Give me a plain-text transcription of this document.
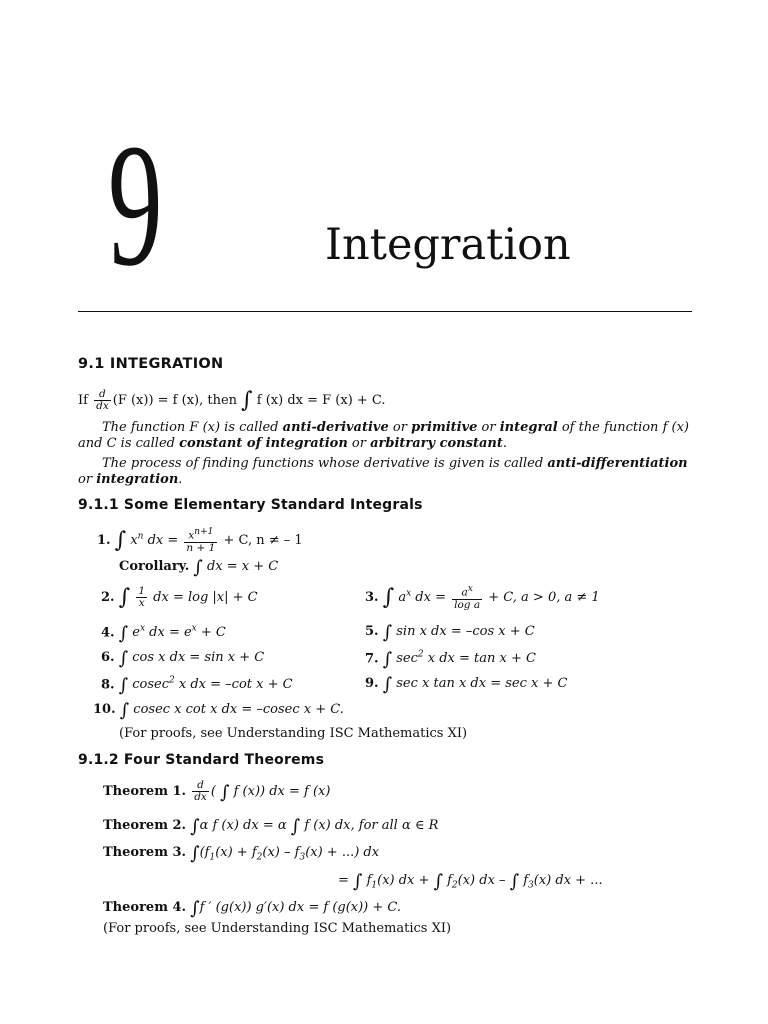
9	Integration
9.1 INTEGRATION
If $\frac{d}{dx} (F$ (x)) = f (x), then ∫ f (x) dx = F (x) + C.
The function F (x) is called anti-derivative or primitive or integral of the function f (x) and C is called constant of integration or arbitrary constant.
The process of finding functions whose derivative is given is called anti-differentiation or integration.
9.1.1 Some Elementary Standard Integrals
1. ∫ $x^n$ dx = $\frac{x^{n+1}}{n + 1} + C$, n ≠ – 1
Corollary. ∫ dx = x + C
2. ∫ $\frac{1}{x}$ dx = log |x| + C	3. ∫ $a^x$ dx = $\frac{a^x}{\text{log a}} + C$, a > 0, a ≠ 1
4. ∫ $e^x$ dx = $e^x + C$	5. ∫ sin x dx = –cos x + C
6. ∫ cos x dx = sin x + C	7. ∫ $\sec^2 x$ dx = tan x + C
8. ∫ cosec$^2$ x dx = –cot x + C	9. ∫ sec x tan x dx = sec x + C
10. ∫ cosec x cot x dx = –cosec x + C.
(For proofs, see Understanding ISC Mathematics XI)
9.1.2 Four Standard Theorems
Theorem 1. $\frac{d}{dx}$ ( ∫ f (x)) dx = f (x)
Theorem 2. ∫α f (x) dx = α ∫ f (x) dx, for all α ∈ R
Theorem 3. $\int(f_1(x) + f_2(x) - f_3(x)$ + ...) dx
= ∫ $f_1(x)$ dx + ∫ $f_2(x)$ dx – ∫ $f_3(x)$ dx + ...
Theorem 4. ∫f ′ (g(x)) g′(x) dx = f (g(x)) + C.
(For proofs, see Understanding ISC Mathematics XI)
